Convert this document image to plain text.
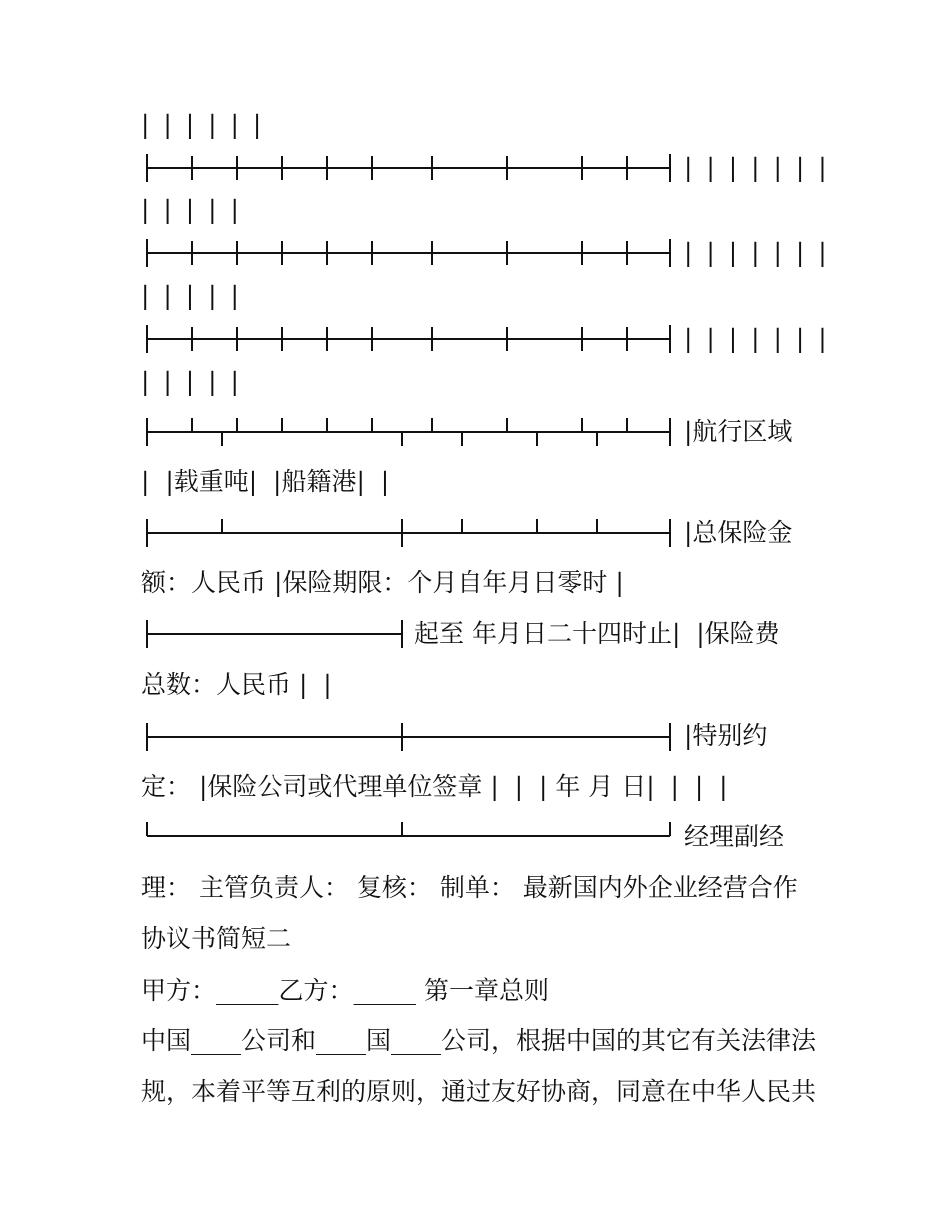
| | | | | |
| | | | | | |
| | | | |
| | | | | | |
| | | | |
| | | | | | |
| | | | |
|航行区域
|  |载重吨|  |船籍港|  |
|总保险金
额：人民币 |保险期限：个月自年月日零时 |
起至 年月日二十四时止|  |保险费
总数：人民币 |  |
|特别约
定： |保险公司或代理单位签章 |  |  | 年 月 日|  |  |  |
经理副经
理： 主管负责人： 复核： 制单： 最新国内外企业经营合作
协议书简短二
甲方：_____乙方：_____ 第一章总则
中国____公司和____国____公司，根据中国的其它有关法律法
规，本着平等互利的原则，通过友好协商，同意在中华人民共
